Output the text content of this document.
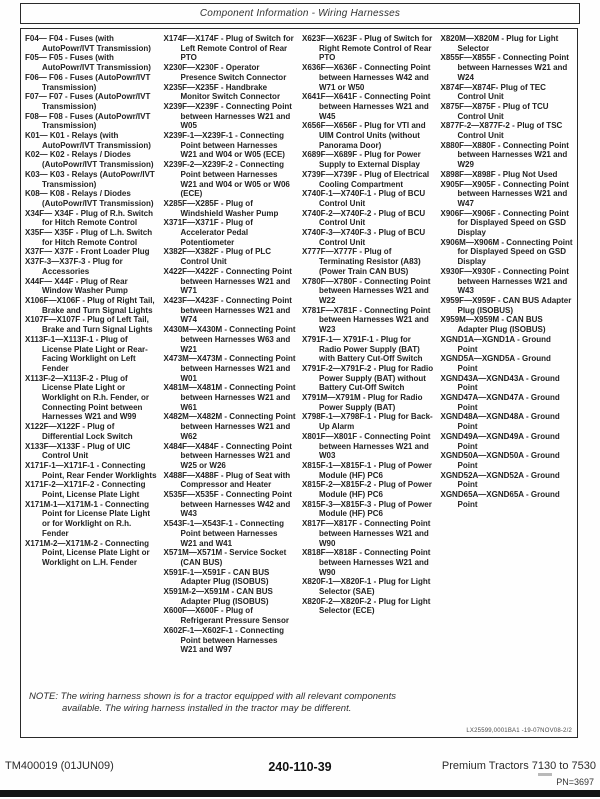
Component Information - Wiring Harnesses
F04— F04 - Fuses (with AutoPowr/IVT Transmission)
F05— F05 - Fuses (with AutoPowr/IVT Transmission)
F06— F06 - Fuses (AutoPowr/IVT Transmission)
F07— F07 - Fuses (AutoPowr/IVT Transmission)
F08— F08 - Fuses (AutoPowr/IVT Transmission)
K01— K01 - Relays (with AutoPowr/IVT Transmission)
K02— K02 - Relays / Diodes (AutoPowr/IVT Transmission)
K03— K03 - Relays (AutoPowr/IVT Transmission)
K08— K08 - Relays / Diodes (AutoPowr/IVT Transmission)
X34F— X34F - Plug of R.h. Switch for Hitch Remote Control
X35F— X35F - Plug of L.h. Switch for Hitch Remote Control
X37F— X37F - Front Loader Plug
X37F-3—X37F-3 - Plug for Accessories
X44F— X44F - Plug of Rear Window Washer Pump
X106F—X106F - Plug of Right Tail, Brake and Turn Signal Lights
X107F—X107F - Plug of Left Tail, Brake and Turn Signal Lights
X113F-1—X113F-1 - Plug of License Plate Light or Rear-Facing Worklight on Left Fender
X113F-2—X113F-2 - Plug of License Plate Light or Worklight on R.h. Fender, or Connecting Point between Harnesses W21 and W99
X122F—X122F - Plug of Differential Lock Switch
X133F—X133F - Plug of UIC Control Unit
X171F-1—X171F-1 - Connecting Point, Rear Fender Worklights
X171F-2—X171F-2 - Connecting Point, License Plate Light
X171M-1—X171M-1 - Connecting Point for License Plate Light or for Worklight on R.h. Fender
X171M-2—X171M-2 - Connecting Point, License Plate Light or Worklight on L.H. Fender
X174F—X174F - Plug of Switch for Left Remote Control of Rear PTO
X230F—X230F - Operator Presence Switch Connector
X235F—X235F - Handbrake Monitor Switch Connector
X239F—X239F - Connecting Point between Harnesses W21 and W05
X239F-1—X239F-1 - Connecting Point between Harnesses W21 and W04 or W05 (ECE)
X239F-2—X239F-2 - Connecting Point between Harnesses W21 and W04 or W05 or W06 (ECE)
X285F—X285F - Plug of Windshield Washer Pump
X371F—X371F - Plug of Accelerator Pedal Potentiometer
X382F—X382F - Plug of PLC Control Unit
X422F—X422F - Connecting Point between Harnesses W21 and W71
X423F—X423F - Connecting Point between Harnesses W21 and W74
X430M—X430M - Connecting Point between Harnesses W63 and W21
X473M—X473M - Connecting Point between Harnesses W21 and W01
X481M—X481M - Connecting Point between Harnesses W21 and W61
X482M—X482M - Connecting Point between Harnesses W21 and W62
X484F—X484F - Connecting Point between Harnesses W21 and W25 or W26
X488F—X488F - Plug of Seat with Compressor and Heater
X535F—X535F - Connecting Point between Harnesses W42 and W43
X543F-1—X543F-1 - Connecting Point between Harnesses W21 and W41
X571M—X571M - Service Socket (CAN BUS)
X591F-1—X591F - CAN BUS Adapter Plug (ISOBUS)
X591M-2—X591M - CAN BUS Adapter Plug (ISOBUS)
X600F—X600F - Plug of Refrigerant Pressure Sensor
X602F-1—X602F-1 - Connecting Point between Harnesses W21 and W97
X623F—X623F - Plug of Switch for Right Remote Control of Rear PTO
X636F—X636F - Connecting Point between Harnesses W42 and W71 or W50
X641F—X641F - Connecting Point between Harnesses W21 and W45
X656F—X656F - Plug for VTI and UIM Control Units (without Panorama Door)
X689F—X689F - Plug for Power Supply to External Display
X739F—X739F - Plug of Electrical Cooling Compartment
X740F-1—X740F-1 - Plug of BCU Control Unit
X740F-2—X740F-2 - Plug of BCU Control Unit
X740F-3—X740F-3 - Plug of BCU Control Unit
X777F—X777F - Plug of Terminating Resistor (A83) (Power Train CAN BUS)
X780F—X780F - Connecting Point between Harnesses W21 and W22
X781F—X781F - Connecting Point between Harnesses W21 and W23
X791F-1— X791F-1 - Plug for Radio Power Supply (BAT) with Battery Cut-Off Switch
X791F-2—X791F-2 - Plug for Radio Power Supply (BAT) without Battery Cut-Off Switch
X791M—X791M - Plug for Radio Power Supply (BAT)
X798F-1—X798F-1 - Plug for Back-Up Alarm
X801F—X801F - Connecting Point between Harnesses W21 and W03
X815F-1—X815F-1 - Plug of Power Module (HF) PC6
X815F-2—X815F-2 - Plug of Power Module (HF) PC6
X815F-3—X815F-3 - Plug of Power Module (HF) PC6
X817F—X817F - Connecting Point between Harnesses W21 and W90
X818F—X818F - Connecting Point between Harnesses W21 and W90
X820F-1—X820F-1 - Plug for Light Selector (SAE)
X820F-2—X820F-2 - Plug for Light Selector (ECE)
X820M—X820M - Plug for Light Selector
X855F—X855F - Connecting Point between Harnesses W21 and W24
X874F—X874F- Plug of TEC Control Unit
X875F—X875F - Plug of TCU Control Unit
X877F-2—X877F-2 - Plug of TSC Control Unit
X880F—X880F - Connecting Point between Harnesses W21 and W29
X898F—X898F - Plug Not Used
X905F—X905F - Connecting Point between Harnesses W21 and W47
X906F—X906F - Connecting Point for Displayed Speed on GSD Display
X906M—X906M - Connecting Point for Displayed Speed on GSD Display
X930F—X930F - Connecting Point between Harnesses W21 and W43
X959F—X959F - CAN BUS Adapter Plug (ISOBUS)
X959M—X959M - CAN BUS Adapter Plug (ISOBUS)
XGND1A—XGND1A - Ground Point
XGND5A—XGND5A - Ground Point
XGND43A—XGND43A - Ground Point
XGND47A—XGND47A - Ground Point
XGND48A—XGND48A - Ground Point
XGND49A—XGND49A - Ground Point
XGND50A—XGND50A - Ground Point
XGND52A—XGND52A - Ground Point
XGND65A—XGND65A - Ground Point
NOTE: The wiring harness shown is for a tractor equipped with all relevant components available. The wiring harness installed in the tractor may be different.
LX25599,0001BA1 -19-07NOV08-2/2
TM400019 (01JUN09)	240-110-39	Premium Tractors 7130 to 7530
PN=3697
